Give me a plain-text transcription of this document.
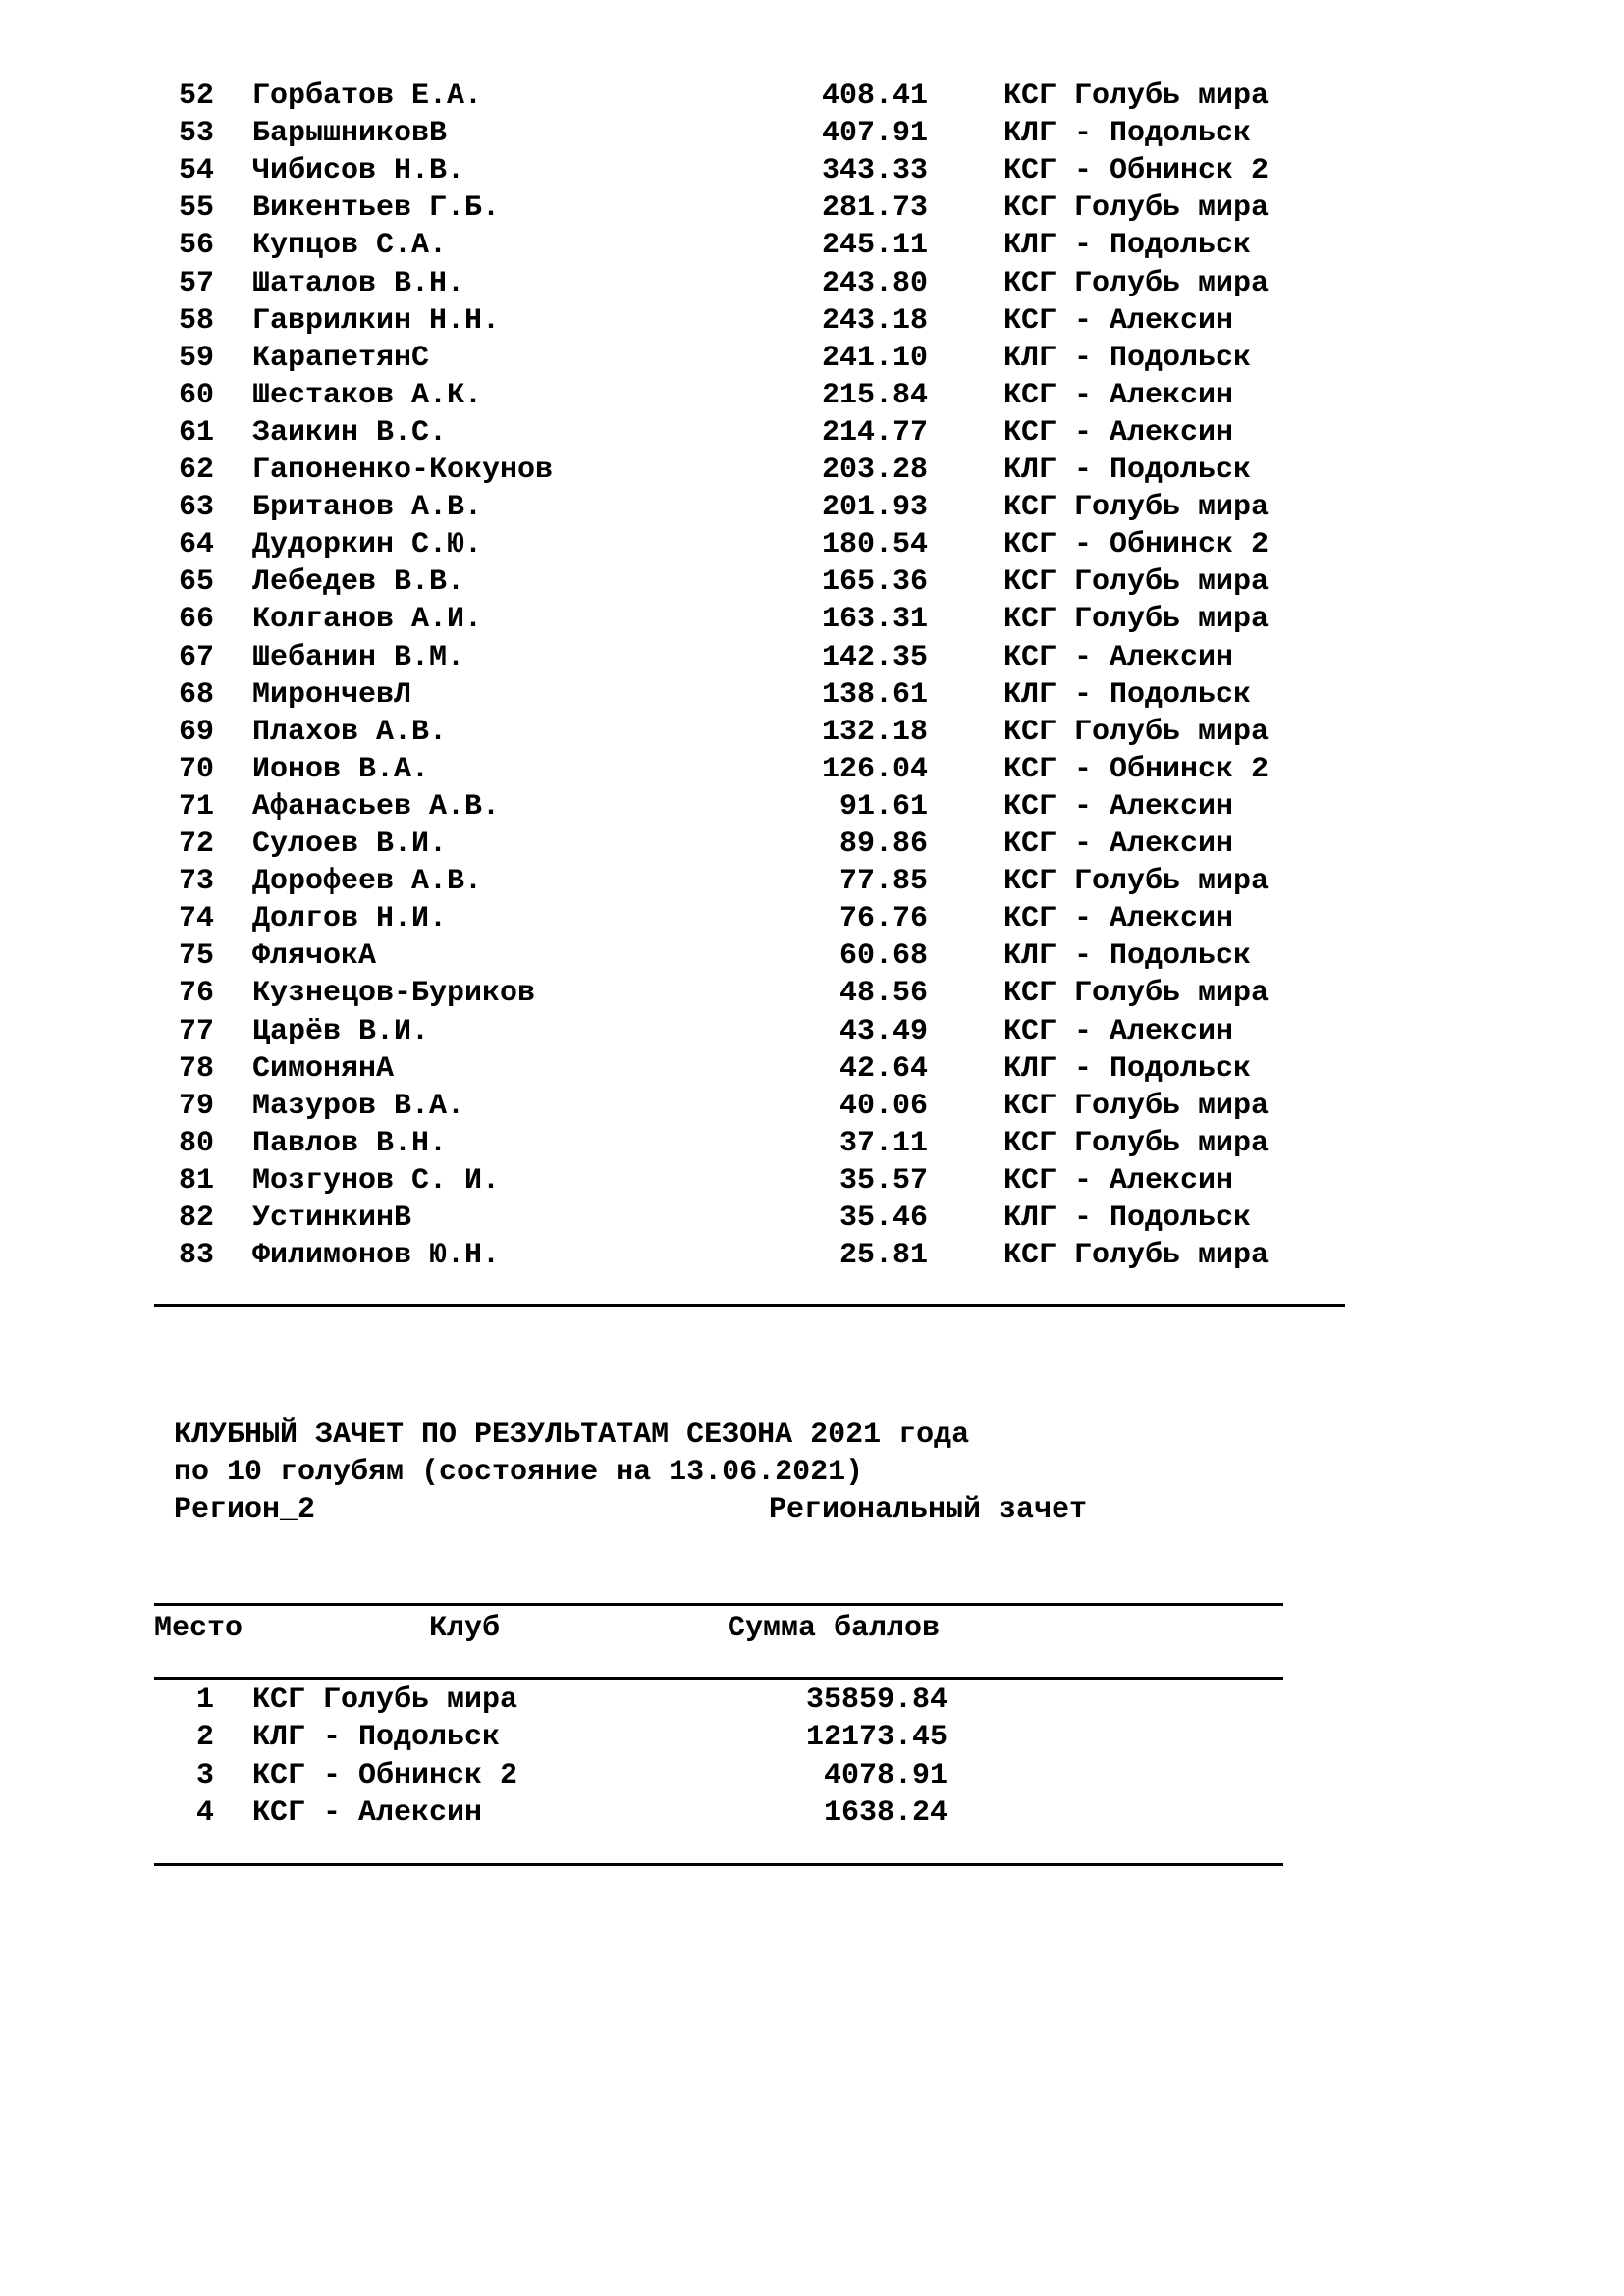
52 Горбатов Е.А.	408.41	КСГ Голубь мира
53 БарышниковВ	407.91	КЛГ - Подольск
54 Чибисов Н.В.	343.33	КСГ - Обнинск 2
55 Викентьев Г.Б.	281.73	КСГ Голубь мира
56 Купцов С.А.	245.11	КЛГ - Подольск
57 Шаталов В.Н.	243.80	КСГ Голубь мира
58 Гаврилкин Н.Н.	243.18	КСГ - Алексин
59 КарапетянС	241.10	КЛГ - Подольск
60 Шестаков А.К.	215.84	КСГ - Алексин
61 Заикин В.С.	214.77	КСГ - Алексин
62 Гапоненко-Кокунов	203.28	КЛГ - Подольск
63 Британов А.В.	201.93	КСГ Голубь мира
64 Дудоркин С.Ю.	180.54	КСГ - Обнинск 2
65 Лебедев В.В.	165.36	КСГ Голубь мира
66 Колганов А.И.	163.31	КСГ Голубь мира
67 Шебанин В.М.	142.35	КСГ - Алексин
68 МирончевЛ	138.61	КЛГ - Подольск
69 Плахов А.В.	132.18	КСГ Голубь мира
70 Ионов В.А.	126.04	КСГ - Обнинск 2
71 Афанасьев А.В.	91.61	КСГ - Алексин
72 Сулоев В.И.	89.86	КСГ - Алексин
73 Дорофеев А.В.	77.85	КСГ Голубь мира
74 Долгов Н.И.	76.76	КСГ - Алексин
75 ФлячокА	60.68	КЛГ - Подольск
76 Кузнецов-Буриков	48.56	КСГ Голубь мира
77 Царёв В.И.	43.49	КСГ - Алексин
78 СимонянА	42.64	КЛГ - Подольск
79 Мазуров В.А.	40.06	КСГ Голубь мира
80 Павлов В.Н.	37.11	КСГ Голубь мира
81 Мозгунов С. И.	35.57	КСГ - Алексин
82 УстинкинВ	35.46	КЛГ - Подольск
83 Филимонов Ю.Н.	25.81	КСГ Голубь мира
КЛУБНЫЙ ЗАЧЕТ ПО РЕЗУЛЬТАТАМ СЕЗОНА 2021 года
по 10 голубям (состояние на 13.06.2021)
Регион_2	Региональный зачет
Место	Клуб	Сумма баллов
1 КСГ Голубь мира	35859.84
2 КЛГ - Подольск	12173.45
3 КСГ - Обнинск 2	4078.91
4 КСГ - Алексин	1638.24
